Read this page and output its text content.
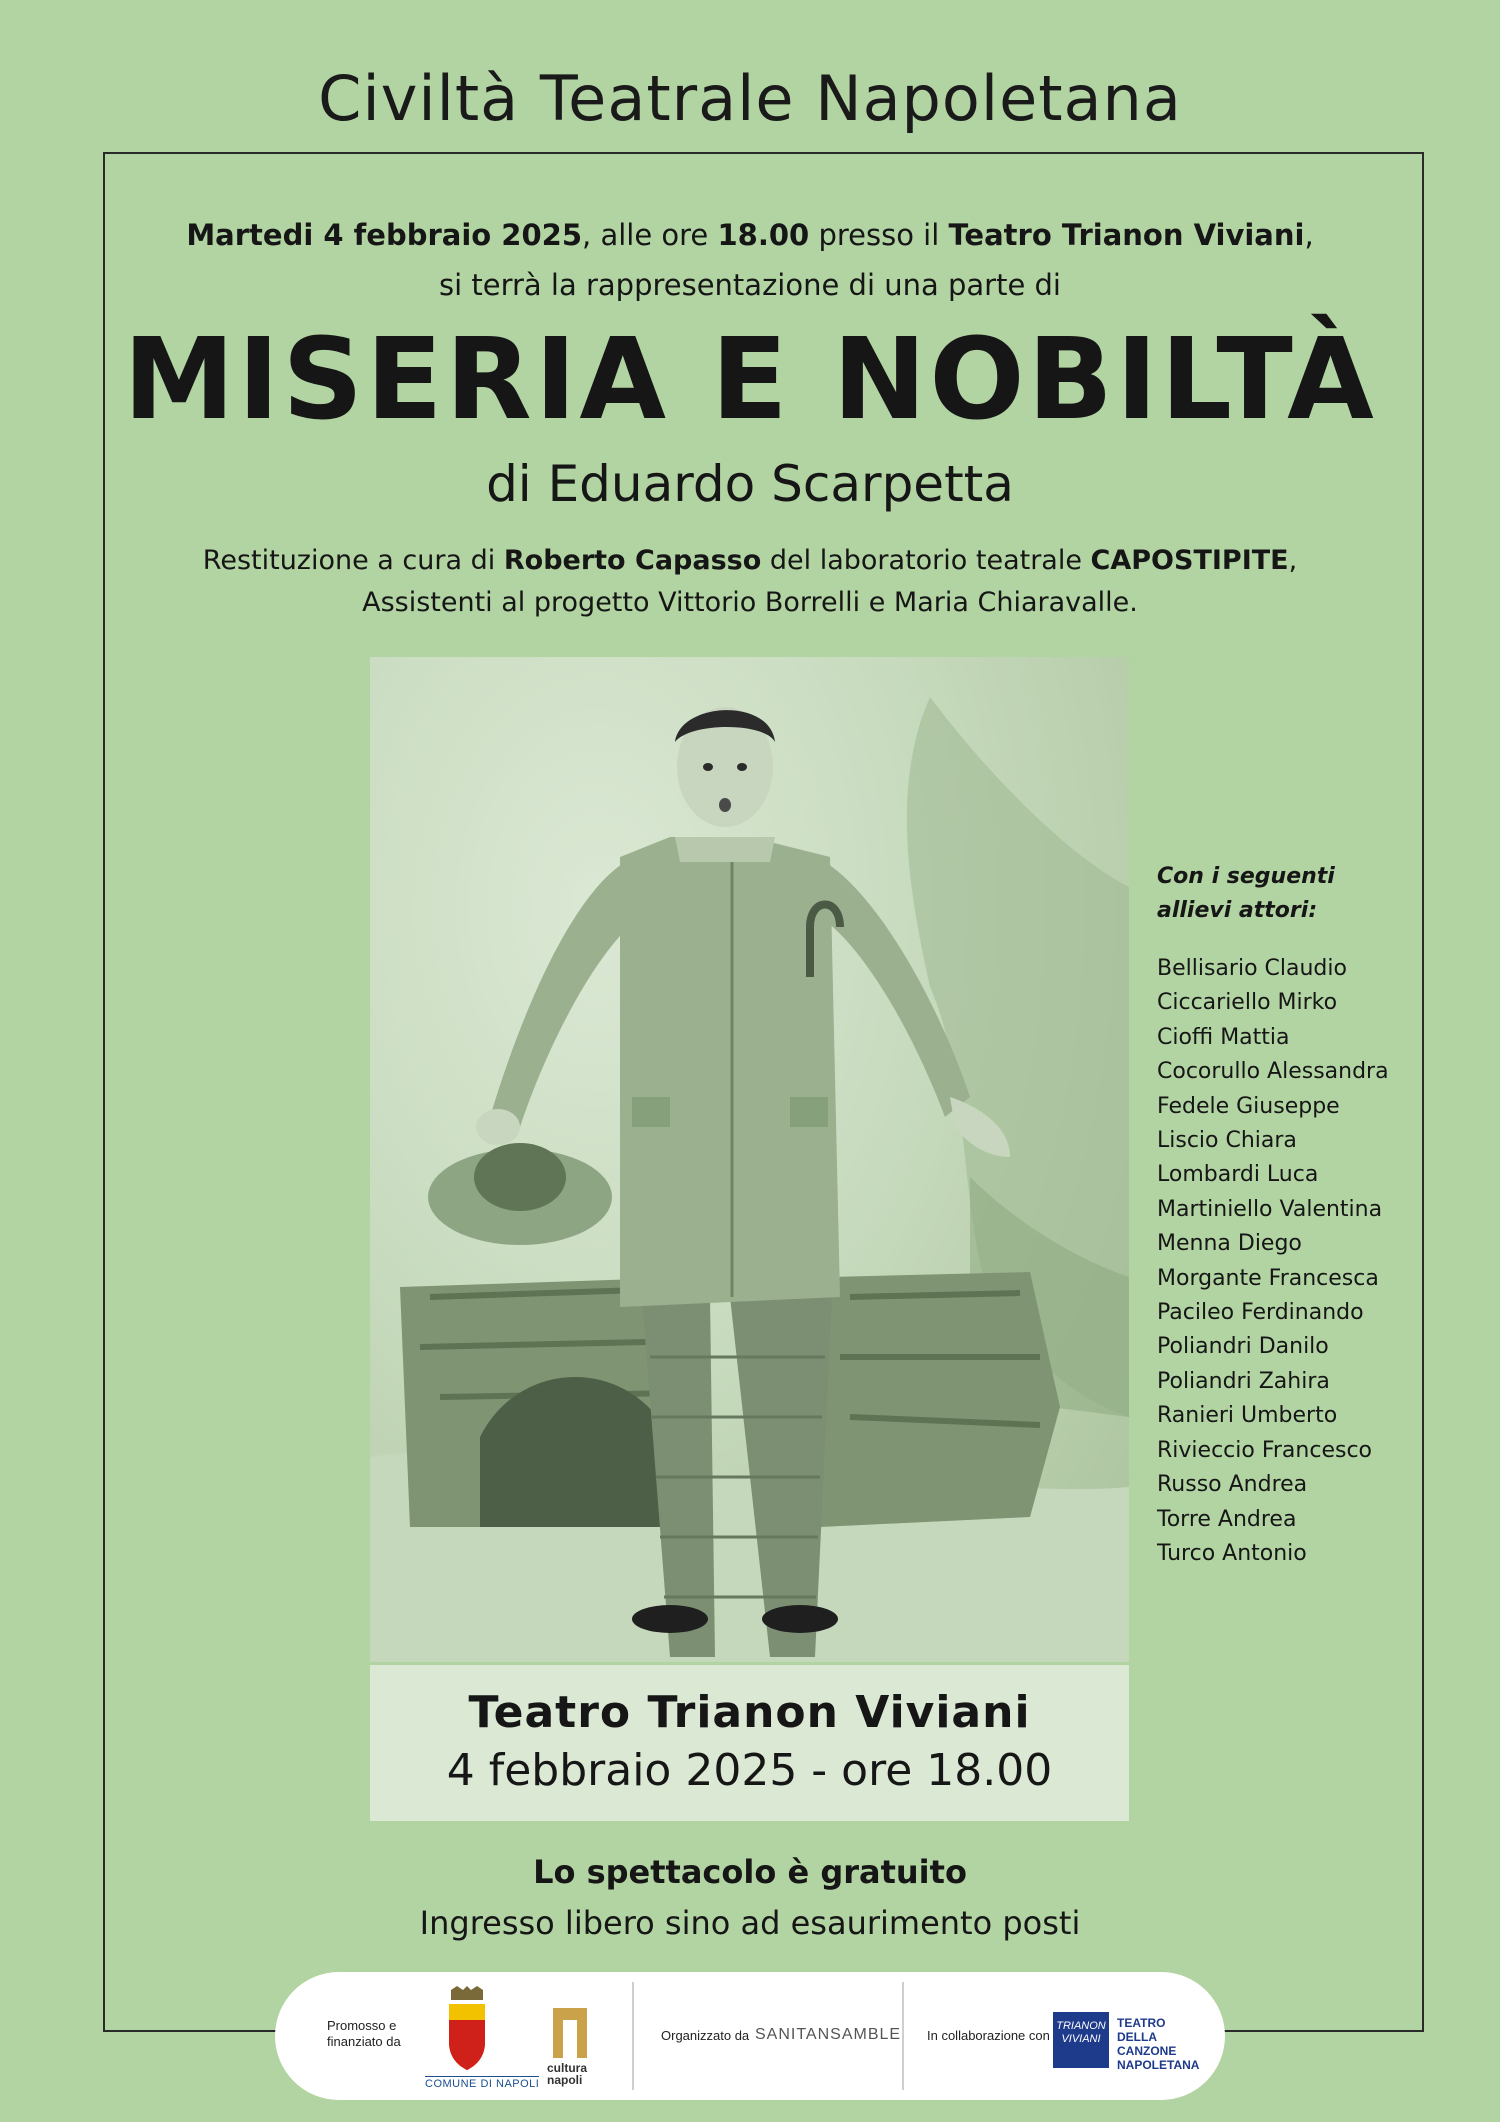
Civiltà Teatrale Napoletana
Martedi 4 febbraio 2025, alle ore 18.00 presso il Teatro Trianon Viviani,
si terrà la rappresentazione di una parte di
MISERIA E NOBILTÀ
di Eduardo Scarpetta
Restituzione a cura di Roberto Capasso del laboratorio teatrale CAPOSTIPITE,
Assistenti al progetto Vittorio Borrelli e Maria Chiaravalle.
Con i seguenti
allievi attori:
Bellisario Claudio
Ciccariello Mirko
Cioffi Mattia
Cocorullo Alessandra
Fedele Giuseppe
Liscio Chiara
Lombardi Luca
Martiniello Valentina
Menna Diego
Morgante Francesca
Pacileo Ferdinando
Poliandri Danilo
Poliandri Zahira
Ranieri Umberto
Rivieccio Francesco
Russo Andrea
Torre Andrea
Turco Antonio
Teatro Trianon Viviani
4 febbraio 2025 - ore 18.00
Lo spettacolo è gratuito
Ingresso libero sino ad esaurimento posti
Promosso e
finanziato da
COMUNE DI NAPOLI
cultura
napoli
Organizzato da SANITANSAMBLE In collaborazione con
TRIANON
VIVIANI
TEATRO
DELLA
CANZONE
NAPOLETANA
